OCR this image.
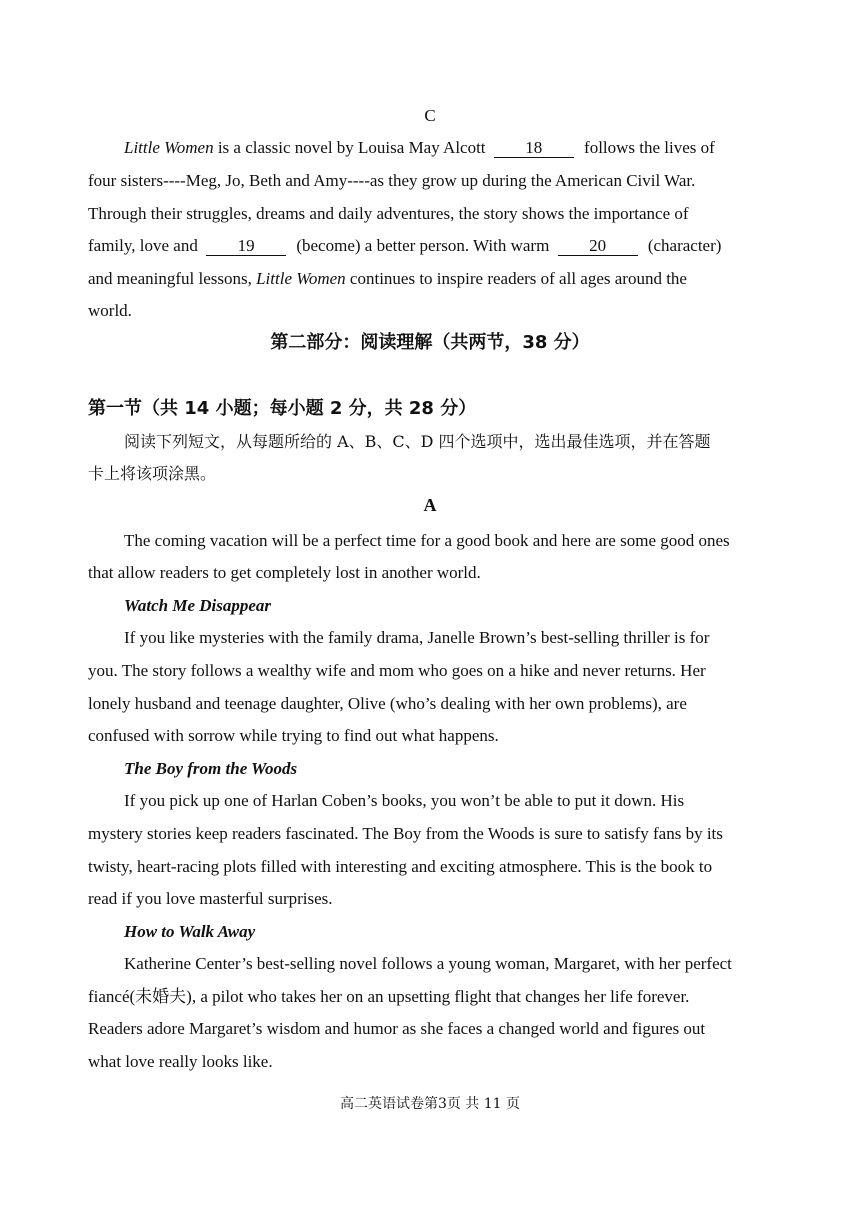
C
Little Women is a classic novel by Louisa May Alcott 18 follows the lives of
four sisters----Meg, Jo, Beth and Amy----as they grow up during the American Civil War.
Through their struggles, dreams and daily adventures, the story shows the importance of
family, love and 19 (become) a better person. With warm 20 (character)
and meaningful lessons, Little Women continues to inspire readers of all ages around the
world.
第二部分：阅读理解（共两节，38 分）
第一节（共 14 小题；每小题 2 分，共 28 分）
阅读下列短文，从每题所给的 A、B、C、D 四个选项中，选出最佳选项，并在答题
卡上将该项涂黑。
A
The coming vacation will be a perfect time for a good book and here are some good ones
that allow readers to get completely lost in another world.
Watch Me Disappear
If you like mysteries with the family drama, Janelle Brown’s best-selling thriller is for
you. The story follows a wealthy wife and mom who goes on a hike and never returns. Her
lonely husband and teenage daughter, Olive (who’s dealing with her own problems), are
confused with sorrow while trying to find out what happens.
The Boy from the Woods
If you pick up one of Harlan Coben’s books, you won’t be able to put it down. His
mystery stories keep readers fascinated. The Boy from the Woods is sure to satisfy fans by its
twisty, heart-racing plots filled with interesting and exciting atmosphere. This is the book to
read if you love masterful surprises.
How to Walk Away
Katherine Center’s best-selling novel follows a young woman, Margaret, with her perfect
fiancé(未婚夫), a pilot who takes her on an upsetting flight that changes her life forever.
Readers adore Margaret’s wisdom and humor as she faces a changed world and figures out
what love really looks like.
高二英语试卷第3页 共 11 页
